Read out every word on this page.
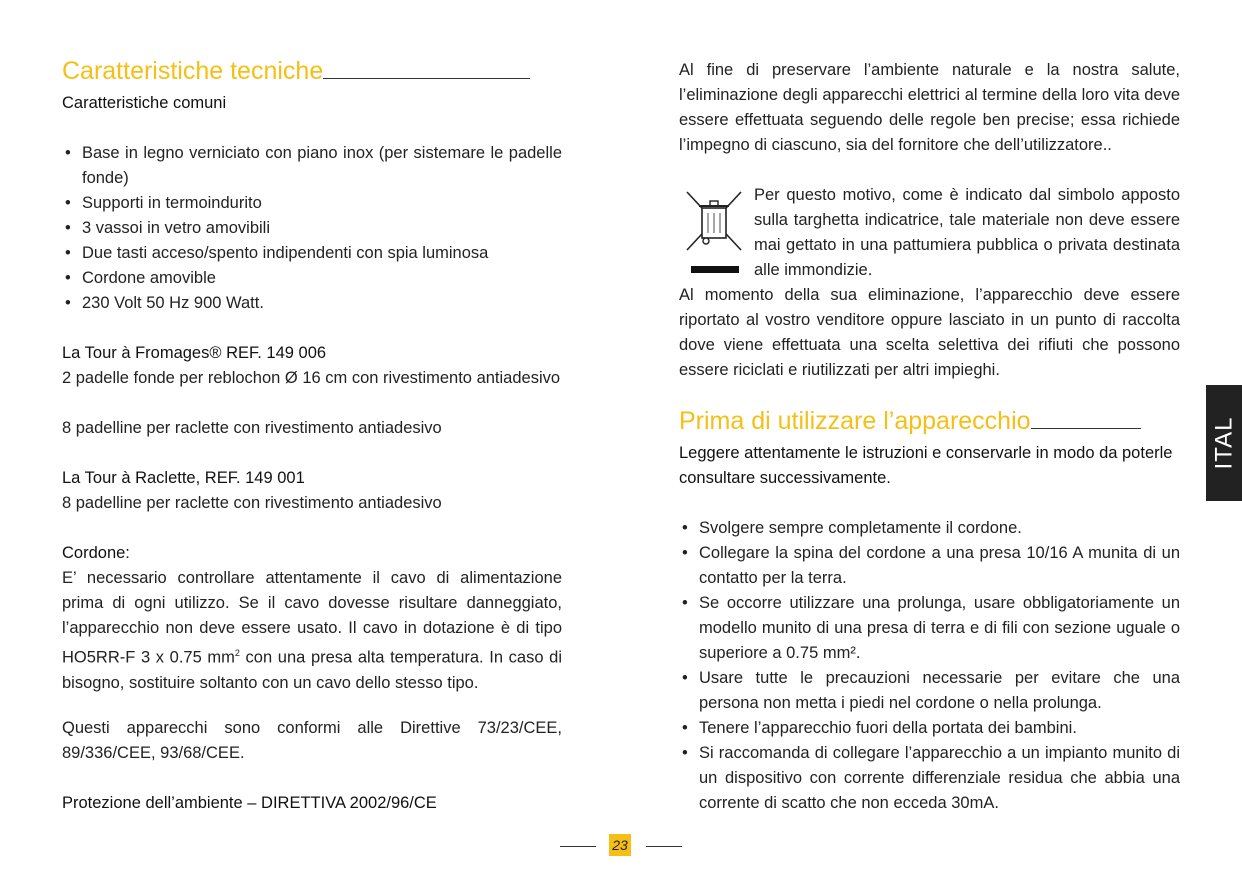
Caratteristiche tecniche
Caratteristiche comuni
• Base in legno verniciato con piano inox (per sistemare le padelle fonde)
• Supporti in termoindurito
• 3 vassoi in vetro amovibili
• Due tasti acceso/spento indipendenti con spia luminosa
• Cordone amovible
• 230 Volt 50 Hz 900 Watt.
La Tour à Fromages® REF. 149 006
2 padelle fonde per reblochon Ø 16 cm con rivestimento antiadesivo
8 padelline per raclette con rivestimento antiadesivo
La Tour à Raclette, REF. 149 001
8 padelline per raclette con rivestimento antiadesivo
Cordone:
E’ necessario controllare attentamente il cavo di alimentazione prima di ogni utilizzo. Se il cavo dovesse risultare danneggiato, l’apparecchio non deve essere usato. Il cavo in dotazione è di tipo HO5RR-F 3 x 0.75 $mm^2$ con una presa alta temperatura. In caso di bisogno, sostituire soltanto con un cavo dello stesso tipo.
Questi apparecchi sono conformi alle Direttive 73/23/CEE, 89/336/CEE, 93/68/CEE.
Protezione dell’ambiente – DIRETTIVA 2002/96/CE
Al fine di preservare l’ambiente naturale e la nostra salute, l’eliminazione degli apparecchi elettrici al termine della loro vita deve essere effettuata seguendo delle regole ben precise; essa richiede l’impegno di ciascuno, sia del fornitore che dell’utilizzatore..
Per questo motivo, come è indicato dal simbolo apposto sulla targhetta indicatrice, tale materiale non deve essere mai gettato in una pattumiera pubblica o privata destinata alle immondizie.
Al momento della sua eliminazione, l’apparecchio deve essere riportato al vostro venditore oppure lasciato in un punto di raccolta dove viene effettuata una scelta selettiva dei rifiuti che possono essere riciclati e riutilizzati per altri impieghi.
Prima di utilizzare l’apparecchio
Leggere attentamente le istruzioni e conservarle in modo da poterle consultare successivamente.
• Svolgere sempre completamente il cordone.
• Collegare la spina del cordone a una presa 10/16 A munita di un contatto per la terra.
• Se occorre utilizzare una prolunga, usare obbligatoriamente un modello munito di una presa di terra e di fili con sezione uguale o superiore a 0.75 mm².
• Usare tutte le precauzioni necessarie per evitare che una persona non metta i piedi nel cordone o nella prolunga.
• Tenere l’apparecchio fuori della portata dei bambini.
• Si raccomanda di collegare l’apparecchio a un impianto munito di un dispositivo con corrente differenziale residua che abbia una corrente di scatto che non ecceda 30mA.
ITAL
23
